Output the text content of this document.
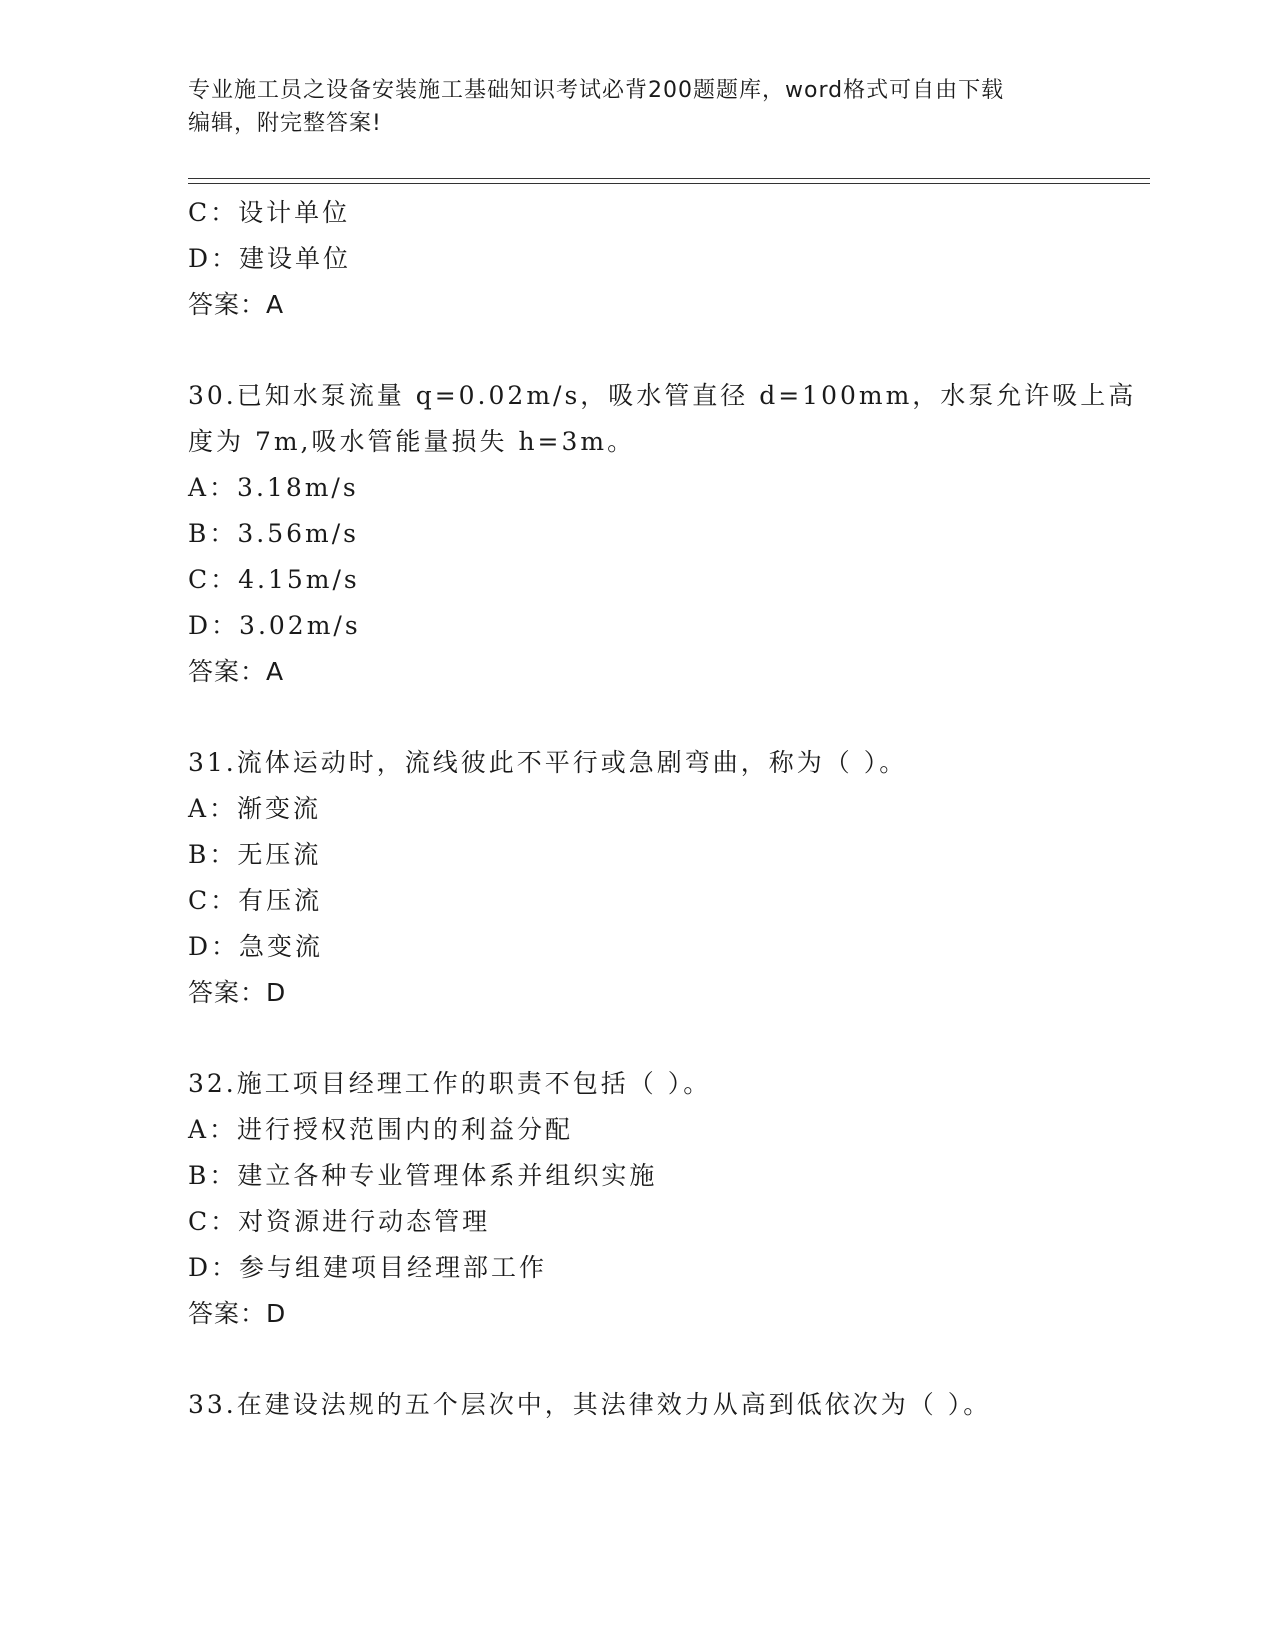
专业施工员之设备安装施工基础知识考试必背200题题库，word格式可自由下载
编辑，附完整答案!
C：设计单位
D：建设单位
答案：A
30.已知水泵流量 q=0.02m/s，吸水管直径 d=100mm，水泵允许吸上高
度为 7m,吸水管能量损失 h=3m。
A：3.18m/s
B：3.56m/s
C：4.15m/s
D：3.02m/s
答案：A
31.流体运动时，流线彼此不平行或急剧弯曲，称为（ ）。
A：渐变流
B：无压流
C：有压流
D：急变流
答案：D
32.施工项目经理工作的职责不包括（ ）。
A：进行授权范围内的利益分配
B：建立各种专业管理体系并组织实施
C：对资源进行动态管理
D：参与组建项目经理部工作
答案：D
33.在建设法规的五个层次中，其法律效力从高到低依次为（ ）。
